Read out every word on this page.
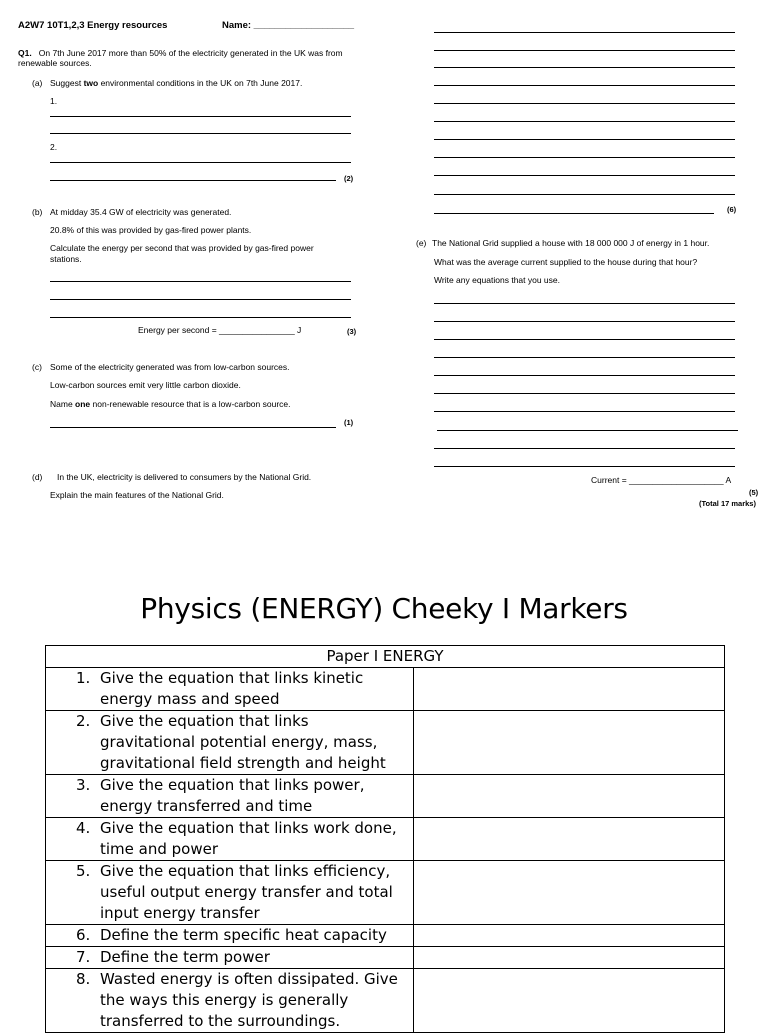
A2W7 10T1,2,3 Energy resources	Name: ___________________
Q1. On 7th June 2017 more than 50% of the electricity generated in the UK was from
renewable sources.
(a) Suggest two environmental conditions in the UK on 7th June 2017.
1.
2.
(2)
(b) At midday 35.4 GW of electricity was generated.
20.8% of this was provided by gas-fired power plants.
Calculate the energy per second that was provided by gas-fired power
stations.
Energy per second = ________________ J	(3)
(c) Some of the electricity generated was from low-carbon sources.
Low-carbon sources emit very little carbon dioxide.
Name one non-renewable resource that is a low-carbon source.
(1)
(d) In the UK, electricity is delivered to consumers by the National Grid.
Explain the main features of the National Grid.
(6)
(e) The National Grid supplied a house with 18 000 000 J of energy in 1 hour.
What was the average current supplied to the house during that hour?
Write any equations that you use.
Current = ____________________ A
(5)
(Total 17 marks)
Physics (ENERGY) Cheeky I Markers
Paper I ENERGY	

1. Give the equation that links kinetic energy mass and speed	

2. Give the equation that links gravitational potential energy, mass, gravitational field strength and height	

3. Give the equation that links power, energy transferred and time	

4. Give the equation that links work done, time and power	

5. Give the equation that links efficiency, useful output energy transfer and total input energy transfer	

6. Define the term specific heat capacity	

7. Define the term power	

8. Wasted energy is often dissipated. Give the ways this energy is generally transferred to the surroundings.	
